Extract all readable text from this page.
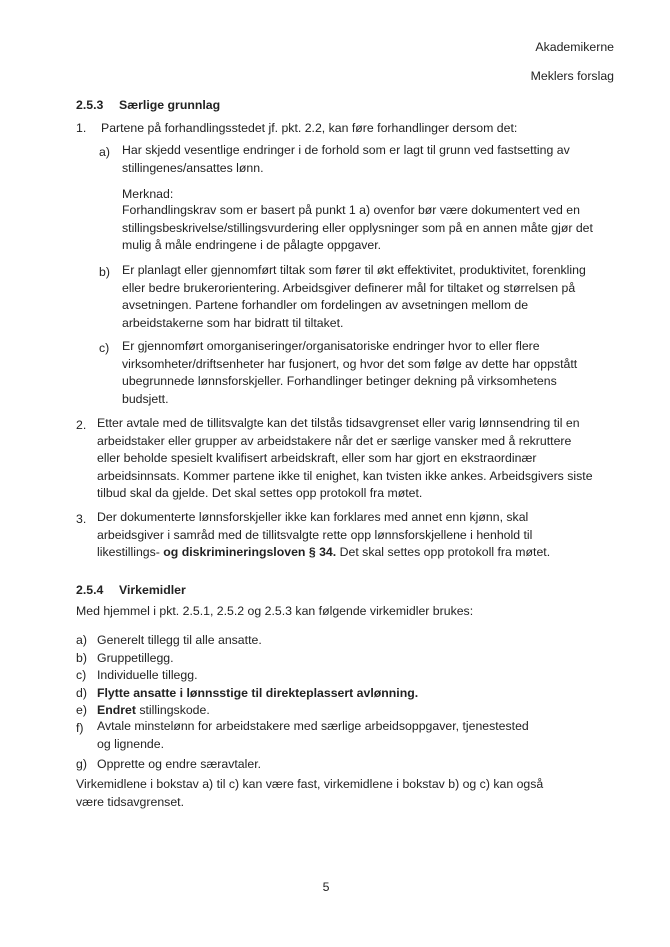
Akademikerne
Meklers forslag
2.5.3 Særlige grunnlag
1. Partene på forhandlingsstedet jf. pkt. 2.2, kan føre forhandlinger dersom det:
a) Har skjedd vesentlige endringer i de forhold som er lagt til grunn ved fastsetting av stillingenes/ansattes lønn.
Merknad:
Forhandlingskrav som er basert på punkt 1 a) ovenfor bør være dokumentert ved en stillingsbeskrivelse/stillingsvurdering eller opplysninger som på en annen måte gjør det mulig å måle endringene i de pålagte oppgaver.
b) Er planlagt eller gjennomført tiltak som fører til økt effektivitet, produktivitet, forenkling eller bedre brukerorientering. Arbeidsgiver definerer mål for tiltaket og størrelsen på avsetningen. Partene forhandler om fordelingen av avsetningen mellom de arbeidstakerne som har bidratt til tiltaket.
c) Er gjennomført omorganiseringer/organisatoriske endringer hvor to eller flere virksomheter/driftsenheter har fusjonert, og hvor det som følge av dette har oppstått ubegrunnede lønnsforskjeller. Forhandlinger betinger dekning på virksomhetens budsjett.
2. Etter avtale med de tillitsvalgte kan det tilstås tidsavgrenset eller varig lønnsendring til en arbeidstaker eller grupper av arbeidstakere når det er særlige vansker med å rekruttere eller beholde spesielt kvalifisert arbeidskraft, eller som har gjort en ekstraordinær arbeidsinnsats. Kommer partene ikke til enighet, kan tvisten ikke ankes. Arbeidsgivers siste tilbud skal da gjelde. Det skal settes opp protokoll fra møtet.
3. Der dokumenterte lønnsforskjeller ikke kan forklares med annet enn kjønn, skal arbeidsgiver i samråd med de tillitsvalgte rette opp lønnsforskjellene i henhold til likestillings- og diskrimineringsloven § 34. Det skal settes opp protokoll fra møtet.
2.5.4 Virkemidler
Med hjemmel i pkt. 2.5.1, 2.5.2 og 2.5.3 kan følgende virkemidler brukes:
a) Generelt tillegg til alle ansatte.
b) Gruppetillegg.
c) Individuelle tillegg.
d) Flytte ansatte i lønnsstige til direkteplassert avlønning.
e) Endret stillingskode.
f) Avtale minstelønn for arbeidstakere med særlige arbeidsoppgaver, tjenestested og lignende.
g) Opprette og endre særavtaler.
Virkemidlene i bokstav a) til c) kan være fast, virkemidlene i bokstav b) og c) kan også være tidsavgrenset.
5
